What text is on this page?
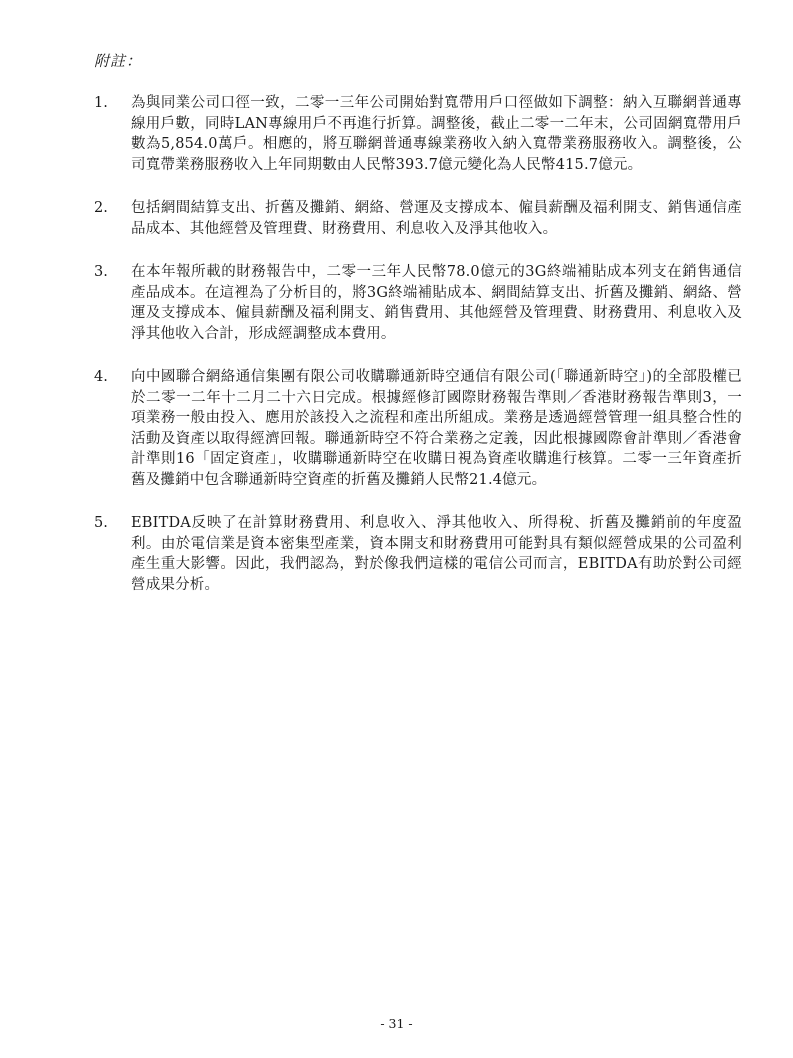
附註：
1.	為與同業公司口徑一致，二零一三年公司開始對寬帶用戶口徑做如下調整：納入互聯網普通專線用戶數，同時LAN專線用戶不再進行折算。調整後，截止二零一二年末，公司固網寬帶用戶數為5,854.0萬戶。相應的，將互聯網普通專線業務收入納入寬帶業務服務收入。調整後，公司寬帶業務服務收入上年同期數由人民幣393.7億元變化為人民幣415.7億元。
2.	包括網間結算支出、折舊及攤銷、網絡、營運及支撐成本、僱員薪酬及福利開支、銷售通信產品成本、其他經營及管理費、財務費用、利息收入及淨其他收入。
3.	在本年報所載的財務報告中，二零一三年人民幣78.0億元的3G終端補貼成本列支在銷售通信產品成本。在這裡為了分析目的，將3G終端補貼成本、網間結算支出、折舊及攤銷、網絡、營運及支撐成本、僱員薪酬及福利開支、銷售費用、其他經營及管理費、財務費用、利息收入及淨其他收入合計，形成經調整成本費用。
4.	向中國聯合網絡通信集團有限公司收購聯通新時空通信有限公司(「聯通新時空」)的全部股權已於二零一二年十二月二十六日完成。根據經修訂國際財務報告準則／香港財務報告準則3，一項業務一般由投入、應用於該投入之流程和產出所組成。業務是透過經營管理一組具整合性的活動及資產以取得經濟回報。聯通新時空不符合業務之定義，因此根據國際會計準則／香港會計準則16「固定資產」，收購聯通新時空在收購日視為資產收購進行核算。二零一三年資產折舊及攤銷中包含聯通新時空資產的折舊及攤銷人民幣21.4億元。
5.	EBITDA反映了在計算財務費用、利息收入、淨其他收入、所得稅、折舊及攤銷前的年度盈利。由於電信業是資本密集型產業，資本開支和財務費用可能對具有類似經營成果的公司盈利產生重大影響。因此，我們認為，對於像我們這樣的電信公司而言，EBITDA有助於對公司經營成果分析。
- 31 -
